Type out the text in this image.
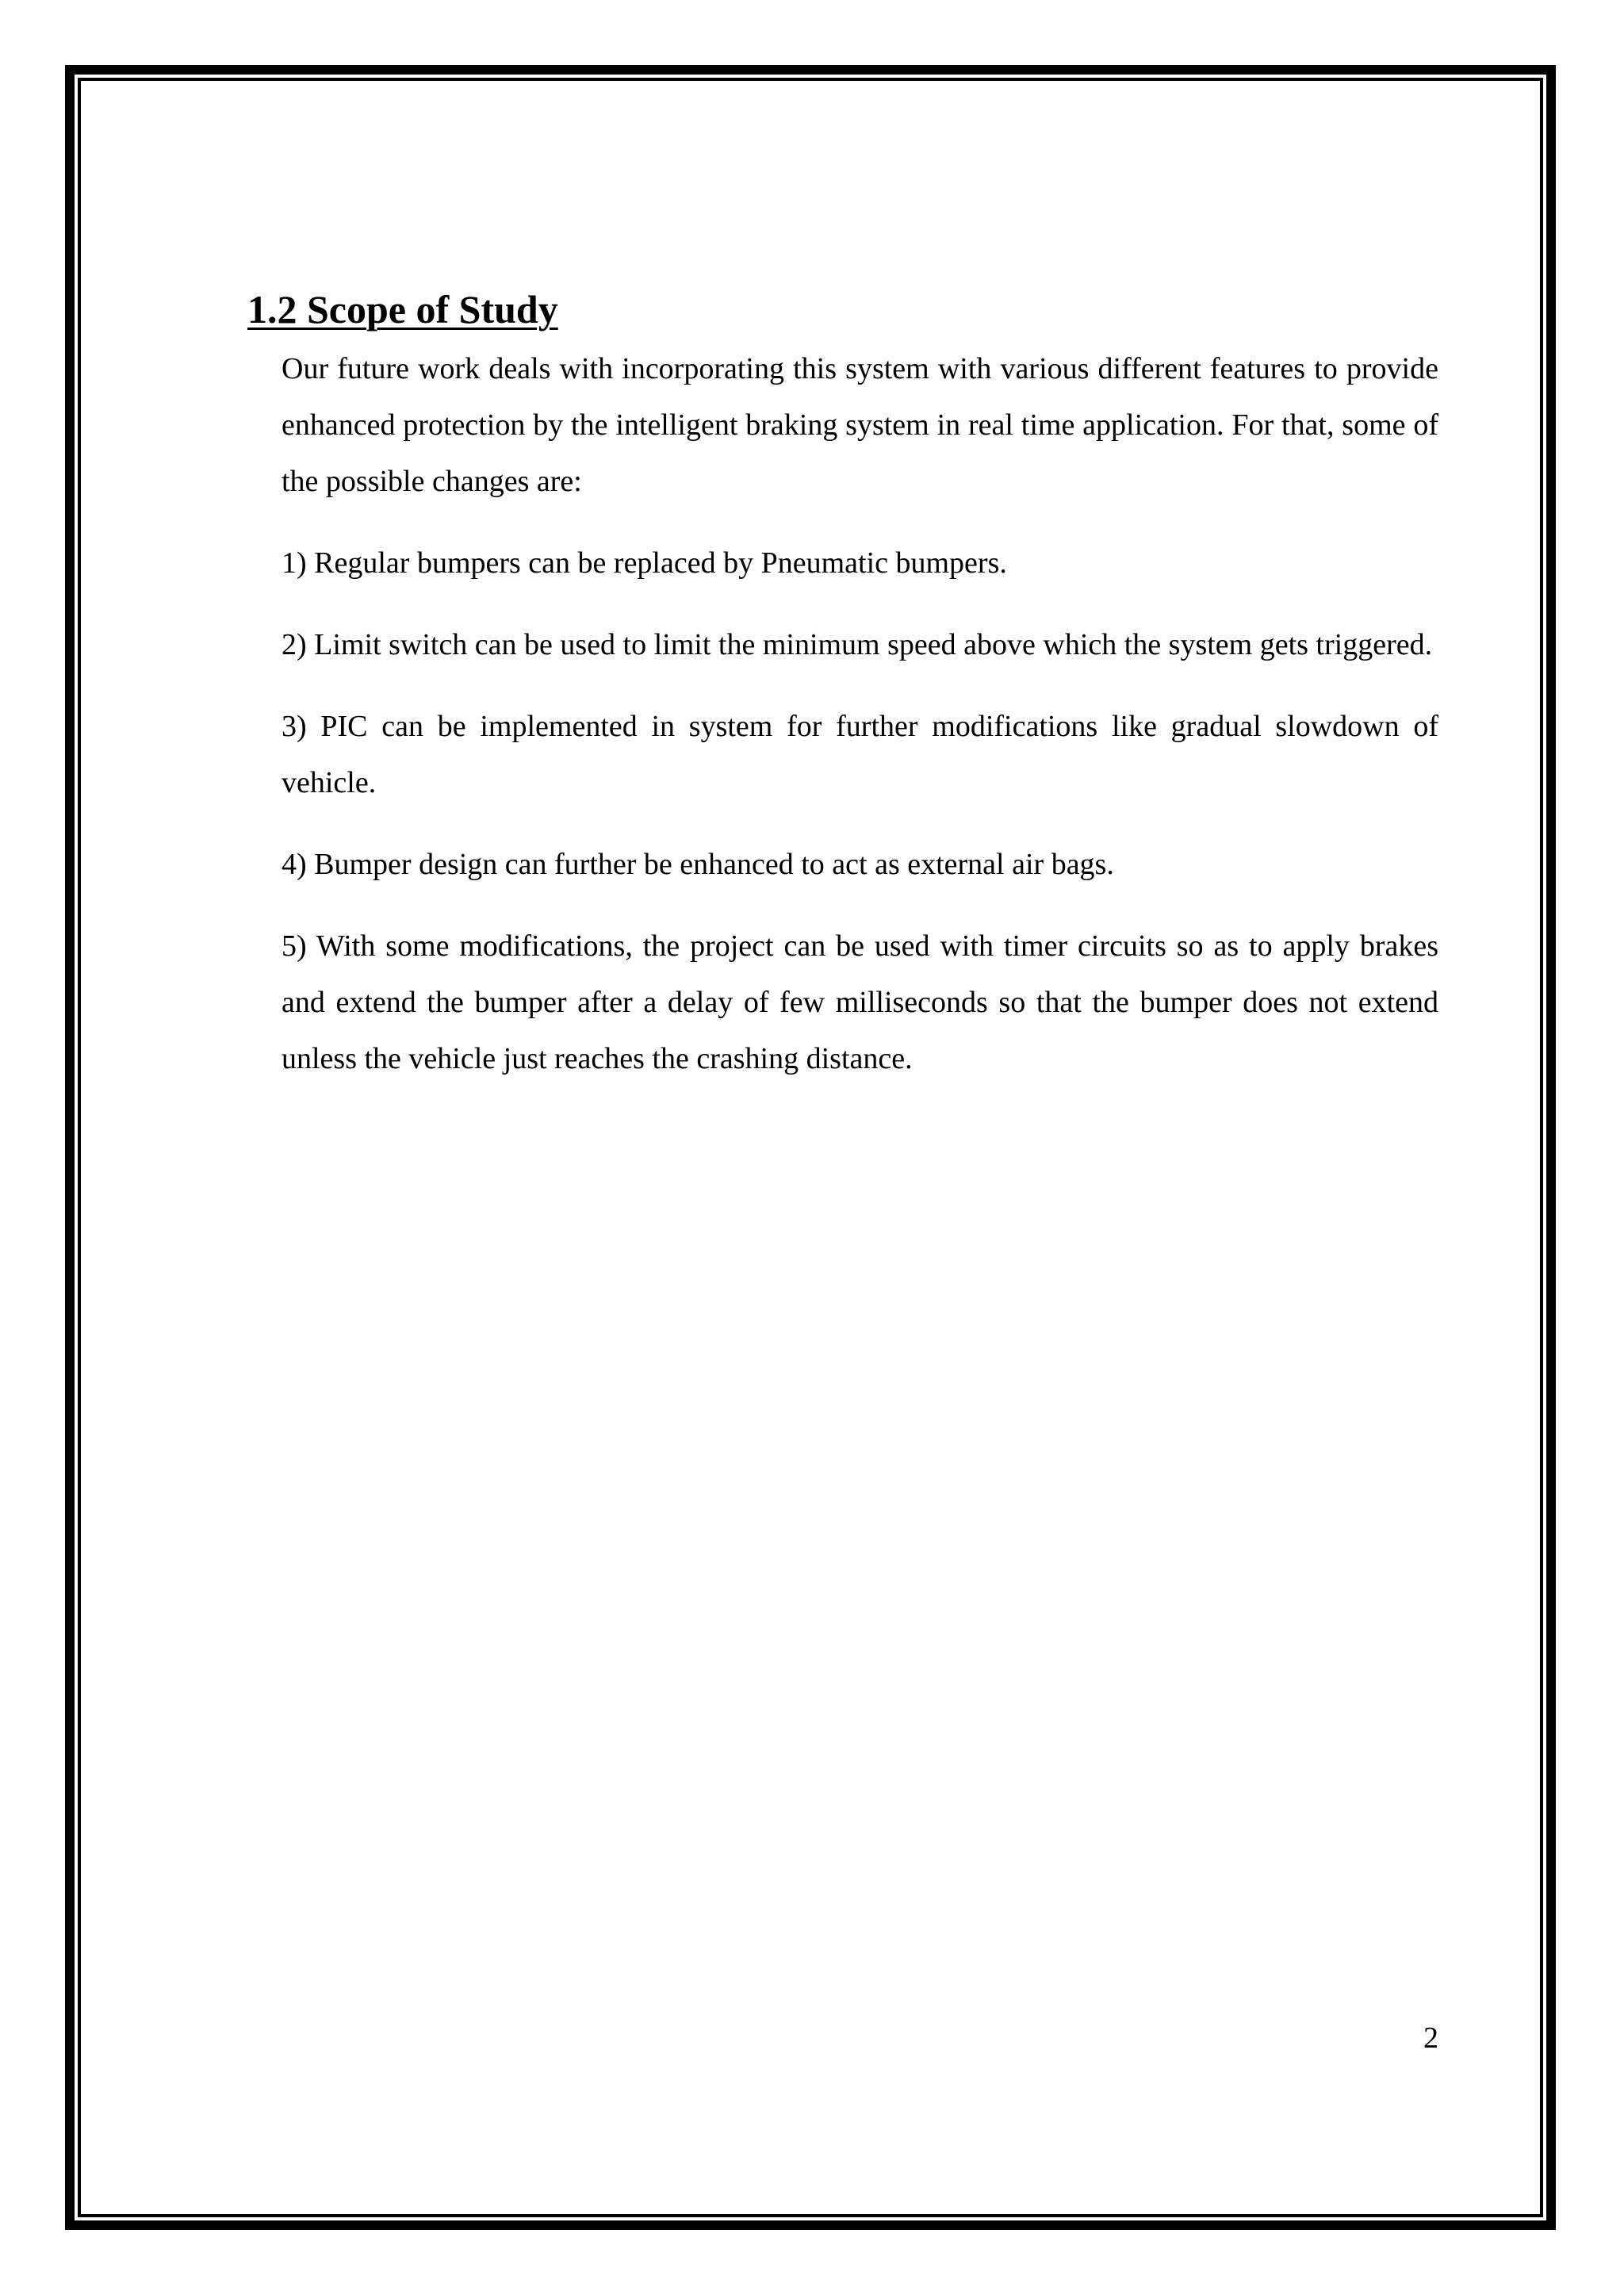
1.2 Scope of Study

Our future work deals with incorporating this system with various different features to provide enhanced protection by the intelligent braking system in real time application. For that, some of the possible changes are:

1) Regular bumpers can be replaced by Pneumatic bumpers.

2) Limit switch can be used to limit the minimum speed above which the system gets triggered.

3) PIC can be implemented in system for further modifications like gradual slowdown of vehicle.

4) Bumper design can further be enhanced to act as external air bags.

5) With some modifications, the project can be used with timer circuits so as to apply brakes and extend the bumper after a delay of few milliseconds so that the bumper does not extend unless the vehicle just reaches the crashing distance.

2
